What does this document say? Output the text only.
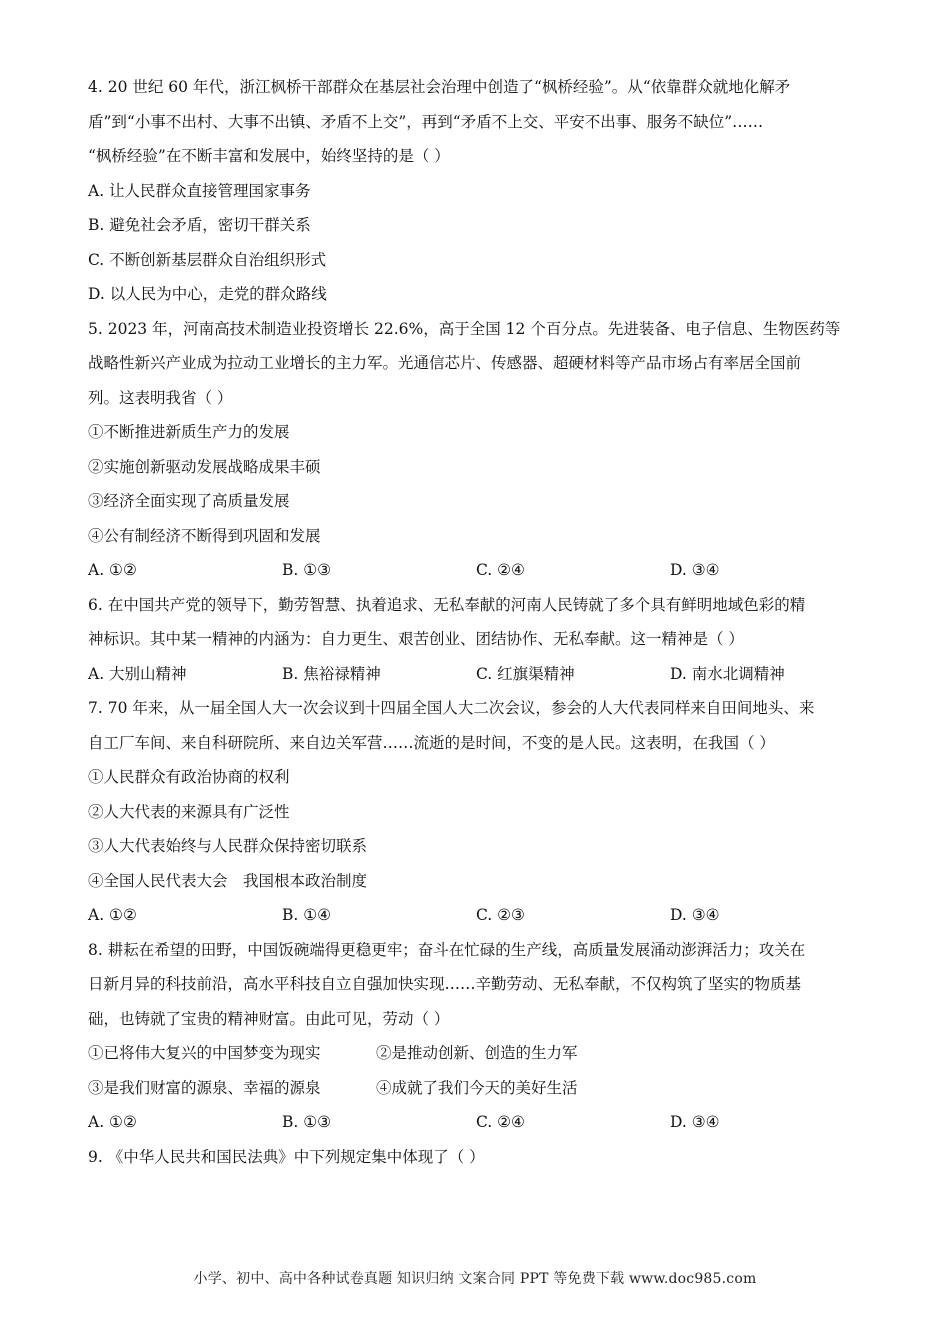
4. 20 世纪 60 年代，浙江枫桥干部群众在基层社会治理中创造了“枫桥经验”。从“依靠群众就地化解矛
盾”到“小事不出村、大事不出镇、矛盾不上交”，再到“矛盾不上交、平安不出事、服务不缺位”……
“枫桥经验”在不断丰富和发展中，始终坚持的是（ ）
A. 让人民群众直接管理国家事务
B. 避免社会矛盾，密切干群关系
C. 不断创新基层群众自治组织形式
D. 以人民为中心，走党的群众路线
5. 2023 年，河南高技术制造业投资增长 22.6%，高于全国 12 个百分点。先进装备、电子信息、生物医药等
战略性新兴产业成为拉动工业增长的主力军。光通信芯片、传感器、超硬材料等产品市场占有率居全国前
列。这表明我省（ ）
①不断推进新质生产力的发展
②实施创新驱动发展战略成果丰硕
③经济全面实现了高质量发展
④公有制经济不断得到巩固和发展
A. ①②	B. ①③	C. ②④	D. ③④
6. 在中国共产党的领导下，勤劳智慧、执着追求、无私奉献的河南人民铸就了多个具有鲜明地域色彩的精
神标识。其中某一精神的内涵为：自力更生、艰苦创业、团结协作、无私奉献。这一精神是（ ）
A. 大别山精神	B. 焦裕禄精神	C. 红旗渠精神	D. 南水北调精神
7. 70 年来，从一届全国人大一次会议到十四届全国人大二次会议，参会的人大代表同样来自田间地头、来
自工厂车间、来自科研院所、来自边关军营……流逝的是时间，不变的是人民。这表明，在我国（ ）
①人民群众有政治协商的权利
②人大代表的来源具有广泛性
③人大代表始终与人民群众保持密切联系
④全国人民代表大会　我国根本政治制度
A. ①②	B. ①④	C. ②③	D. ③④
8. 耕耘在希望的田野，中国饭碗端得更稳更牢；奋斗在忙碌的生产线，高质量发展涌动澎湃活力；攻关在
日新月异的科技前沿，高水平科技自立自强加快实现……辛勤劳动、无私奉献，不仅构筑了坚实的物质基
础，也铸就了宝贵的精神财富。由此可见，劳动（ ）
①已将伟大复兴的中国梦变为现实	②是推动创新、创造的生力军
③是我们财富的源泉、幸福的源泉	④成就了我们今天的美好生活
A. ①②	B. ①③	C. ②④	D. ③④
9. 《中华人民共和国民法典》中下列规定集中体现了（ ）
小学、初中、高中各种试卷真题 知识归纳 文案合同 PPT 等免费下载 www.doc985.com
